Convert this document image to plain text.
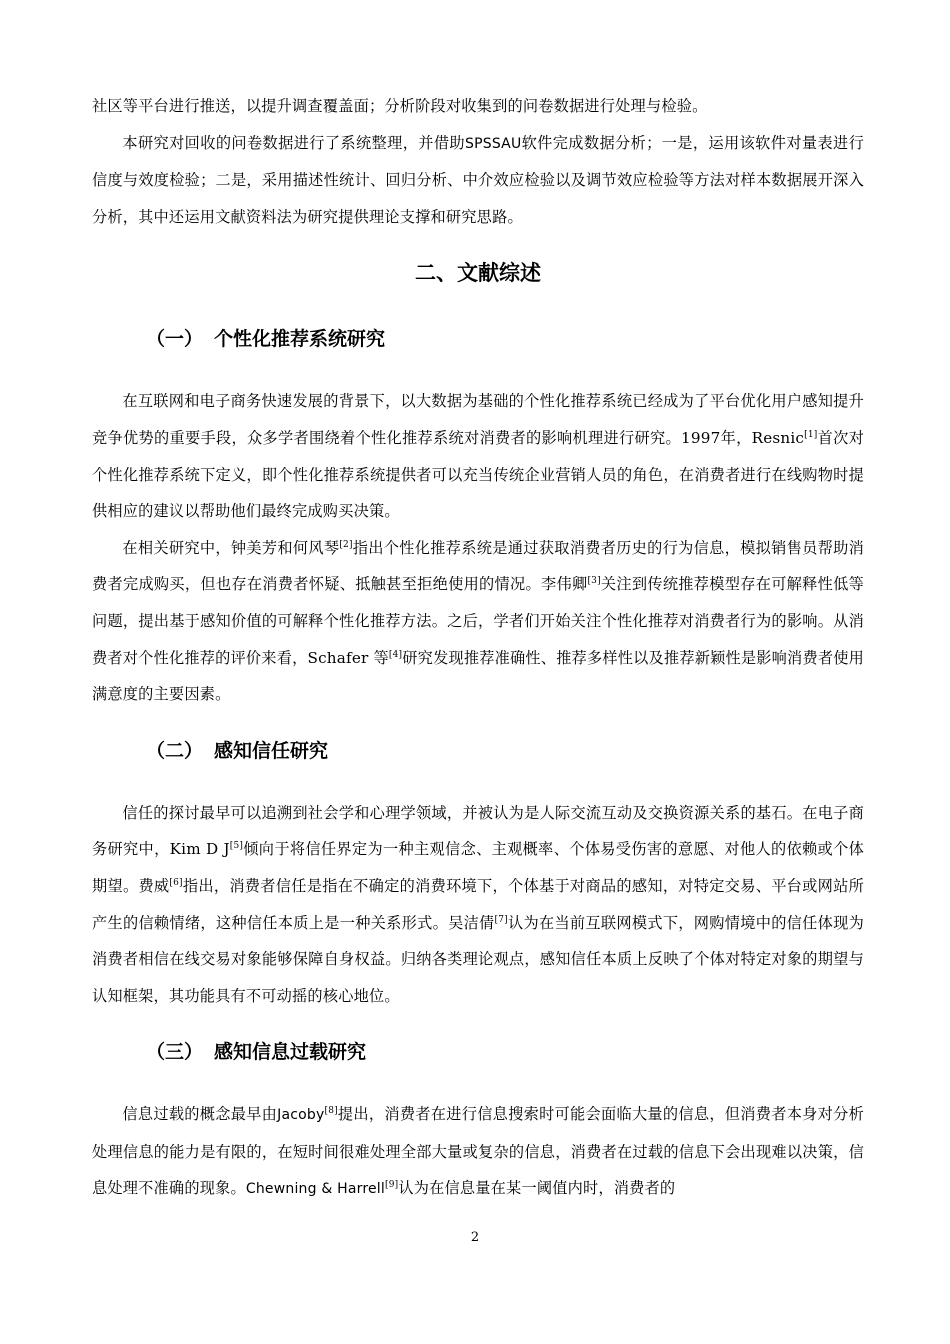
社区等平台进行推送，以提升调查覆盖面；分析阶段对收集到的问卷数据进行处理与检验。

本研究对回收的问卷数据进行了系统整理，并借助SPSSAU软件完成数据分析；一是，运用该软件对量表进行信度与效度检验；二是，采用描述性统计、回归分析、中介效应检验以及调节效应检验等方法对样本数据展开深入分析，其中还运用文献资料法为研究提供理论支撑和研究思路。

二、文献综述
（一） 个性化推荐系统研究

在互联网和电子商务快速发展的背景下，以大数据为基础的个性化推荐系统已经成为了平台优化用户感知提升竞争优势的重要手段，众多学者围绕着个性化推荐系统对消费者的影响机理进行研究。1997年，Resnic[1]首次对个性化推荐系统下定义，即个性化推荐系统提供者可以充当传统企业营销人员的角色，在消费者进行在线购物时提供相应的建议以帮助他们最终完成购买决策。

在相关研究中，钟美芳和何风琴[2]指出个性化推荐系统是通过获取消费者历史的行为信息，模拟销售员帮助消费者完成购买，但也存在消费者怀疑、抵触甚至拒绝使用的情况。李伟卿[3]关注到传统推荐模型存在可解释性低等问题，提出基于感知价值的可解释个性化推荐方法。之后，学者们开始关注个性化推荐对消费者行为的影响。从消费者对个性化推荐的评价来看，Schafer 等[4]研究发现推荐准确性、推荐多样性以及推荐新颖性是影响消费者使用满意度的主要因素。

（二） 感知信任研究

信任的探讨最早可以追溯到社会学和心理学领域，并被认为是人际交流互动及交换资源关系的基石。在电子商务研究中，Kim D J[5]倾向于将信任界定为一种主观信念、主观概率、个体易受伤害的意愿、对他人的依赖或个体期望。费威[6]指出，消费者信任是指在不确定的消费环境下，个体基于对商品的感知，对特定交易、平台或网站所产生的信赖情绪，这种信任本质上是一种关系形式。吴洁倩[7]认为在当前互联网模式下，网购情境中的信任体现为消费者相信在线交易对象能够保障自身权益。归纳各类理论观点，感知信任本质上反映了个体对特定对象的期望与认知框架，其功能具有不可动摇的核心地位。

（三） 感知信息过载研究

信息过载的概念最早由Jacoby[8]提出，消费者在进行信息搜索时可能会面临大量的信息，但消费者本身对分析处理信息的能力是有限的，在短时间很难处理全部大量或复杂的信息，消费者在过载的信息下会出现难以决策，信息处理不准确的现象。Chewning & Harrell[9]认为在信息量在某一阈值内时，消费者的

2
